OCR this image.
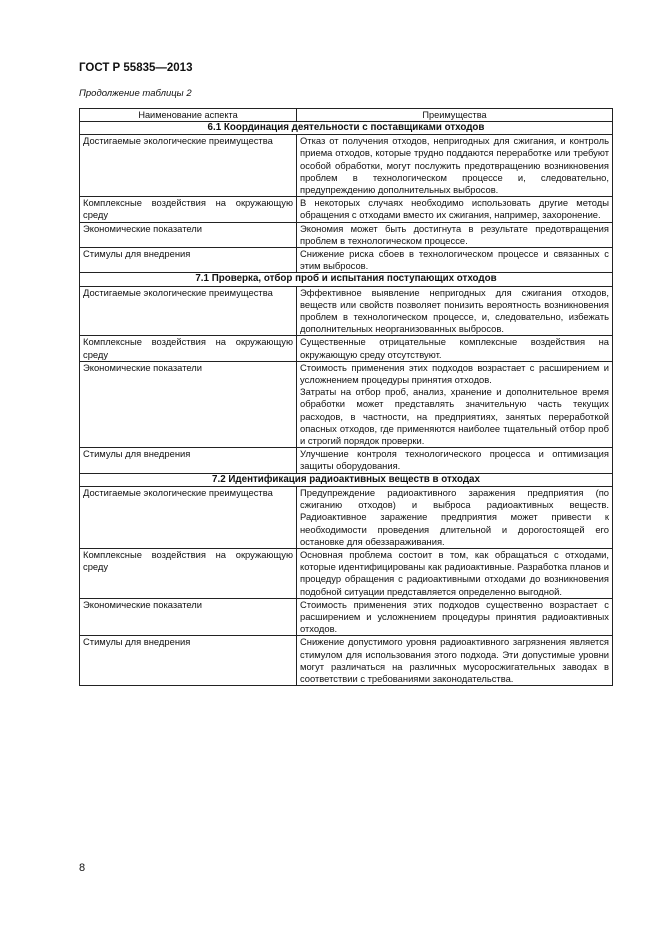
ГОСТ Р 55835—2013
Продолжение таблицы 2
Наименование аспекта	Преимущества
6.1 Координация деятельности с поставщиками отходов	
Достигаемые экологические преимущества	Отказ от получения отходов, непригодных для сжигания, и контроль приема отходов, которые трудно поддаются переработке или требуют особой обработки, могут послужить предотвращению возникновения проблем в технологическом процессе и, следовательно, предупреждению дополнительных выбросов.
Комплексные воздействия на окружающую среду	В некоторых случаях необходимо использовать другие методы обращения с отходами вместо их сжигания, например, захоронение.
Экономические показатели	Экономия может быть достигнута в результате предотвращения проблем в технологическом процессе.
Стимулы для внедрения	Снижение риска сбоев в технологическом процессе и связанных с этим выбросов.
7.1 Проверка, отбор проб и испытания поступающих отходов	
Достигаемые экологические преимущества	Эффективное выявление непригодных для сжигания отходов, веществ или свойств позволяет понизить вероятность возникновения проблем в технологическом процессе, и, следовательно, избежать дополнительных неорганизованных выбросов.
Комплексные воздействия на окружающую среду	Существенные отрицательные комплексные воздействия на окружающую среду отсутствуют.
Экономические показатели	Стоимость применения этих подходов возрастает с расширением и усложнением процедуры принятия отходов.
Затраты на отбор проб, анализ, хранение и дополнительное время обработки может представлять значительную часть текущих расходов, в частности, на предприятиях, занятых переработкой опасных отходов, где применяются наиболее тщательный отбор проб и строгий порядок проверки.

Стимулы для внедрения	Улучшение контроля технологического процесса и оптимизация защиты оборудования.
7.2 Идентификация радиоактивных веществ в отходах	
Достигаемые экологические преимущества	Предупреждение радиоактивного заражения предприятия (по сжиганию отходов) и выброса радиоактивных веществ. Радиоактивное заражение предприятия может привести к необходимости проведения длительной и дорогостоящей его остановке для обеззараживания.
Комплексные воздействия на окружающую среду	Основная проблема состоит в том, как обращаться с отходами, которые идентифицированы как радиоактивные. Разработка планов и процедур обращения с радиоактивными отходами до возникновения подобной ситуации представляется определенно выгодной.
Экономические показатели	Стоимость применения этих подходов существенно возрастает с расширением и усложнением процедуры принятия радиоактивных отходов.
Стимулы для внедрения	Снижение допустимого уровня радиоактивного загрязнения является стимулом для использования этого подхода. Эти допустимые уровни могут различаться на различных мусоросжигательных заводах в соответствии с требованиями законодательства.
8
